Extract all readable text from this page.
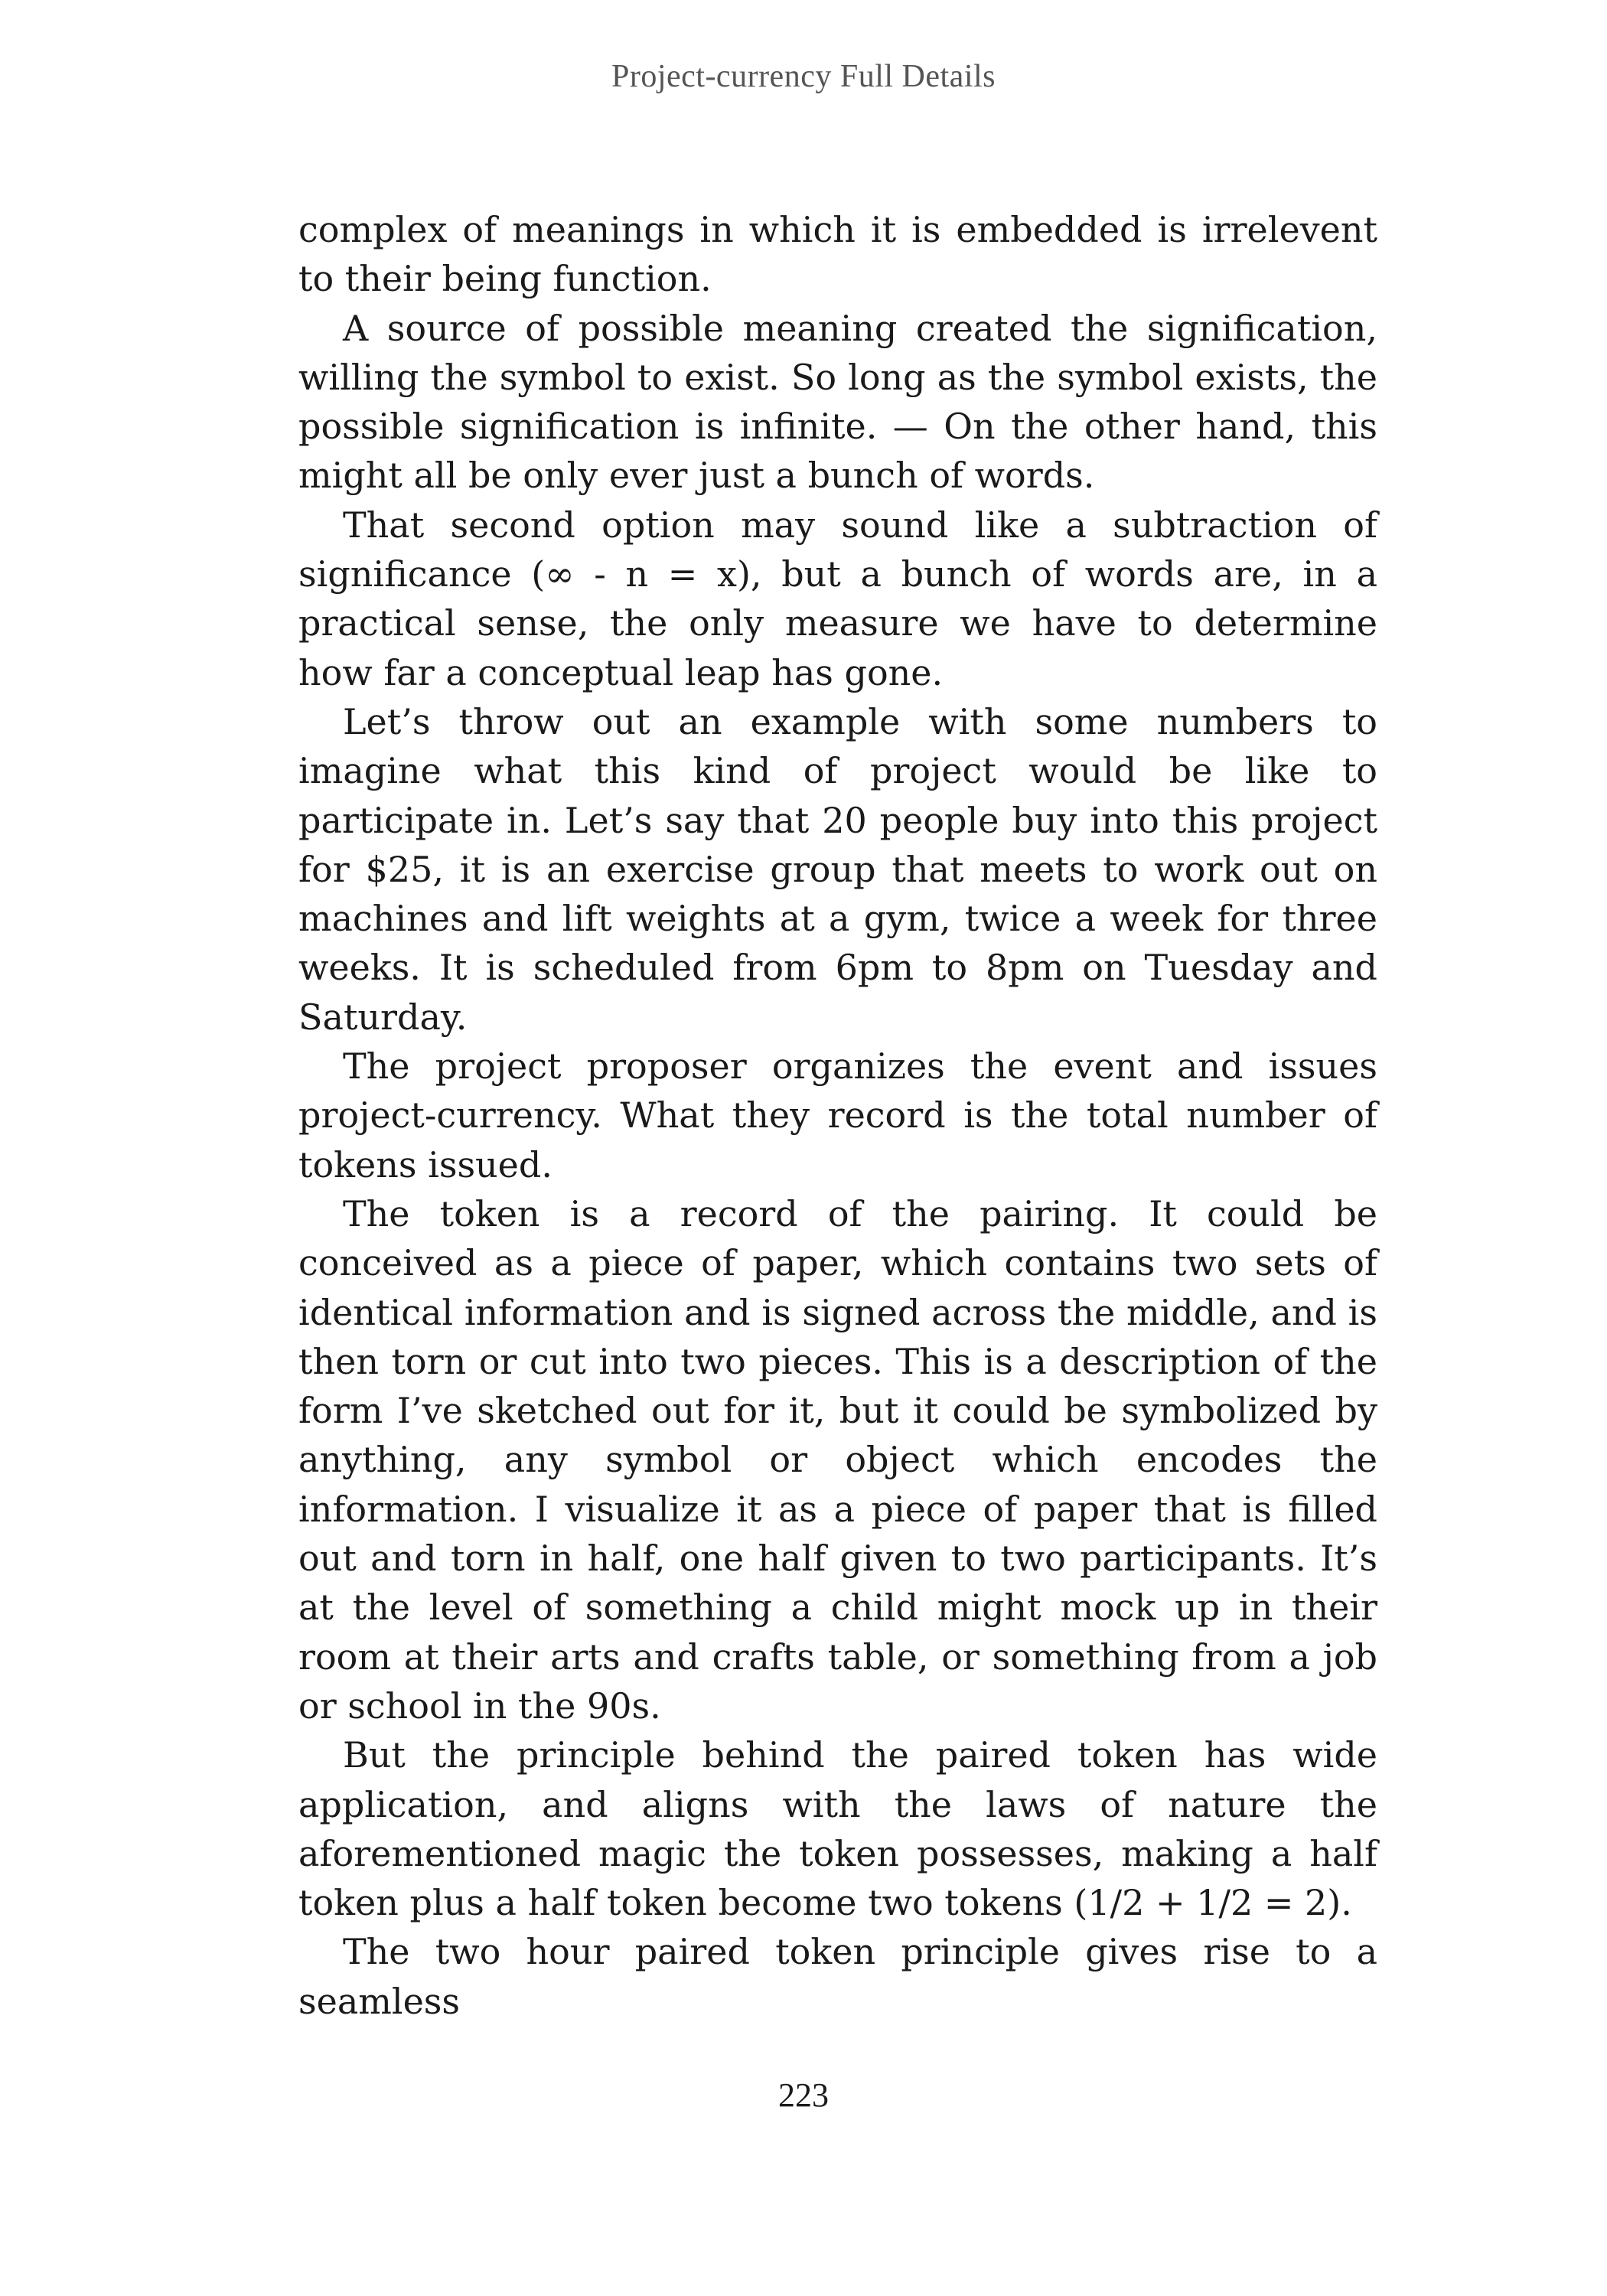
Project-currency Full Details

complex of meanings in which it is embedded is irrelevent to their being function.

A source of possible meaning created the signification, willing the symbol to exist. So long as the symbol exists, the possible signification is infinite. — On the other hand, this might all be only ever just a bunch of words.

That second option may sound like a subtraction of significance (∞ - n = x), but a bunch of words are, in a practical sense, the only measure we have to determine how far a conceptual leap has gone.

Let’s throw out an example with some numbers to imagine what this kind of project would be like to participate in. Let’s say that 20 people buy into this project for $25, it is an exercise group that meets to work out on machines and lift weights at a gym, twice a week for three weeks. It is scheduled from 6pm to 8pm on Tuesday and Saturday.

The project proposer organizes the event and issues project-currency. What they record is the total number of tokens issued.

The token is a record of the pairing. It could be conceived as a piece of paper, which contains two sets of identical information and is signed across the middle, and is then torn or cut into two pieces. This is a description of the form I’ve sketched out for it, but it could be symbolized by anything, any symbol or object which encodes the information. I visualize it as a piece of paper that is filled out and torn in half, one half given to two participants. It’s at the level of something a child might mock up in their room at their arts and crafts table, or something from a job or school in the 90s.

But the principle behind the paired token has wide application, and aligns with the laws of nature the aforementioned magic the token possesses, making a half token plus a half token become two tokens (1/2 + 1/2 = 2).

The two hour paired token principle gives rise to a seamless

223
